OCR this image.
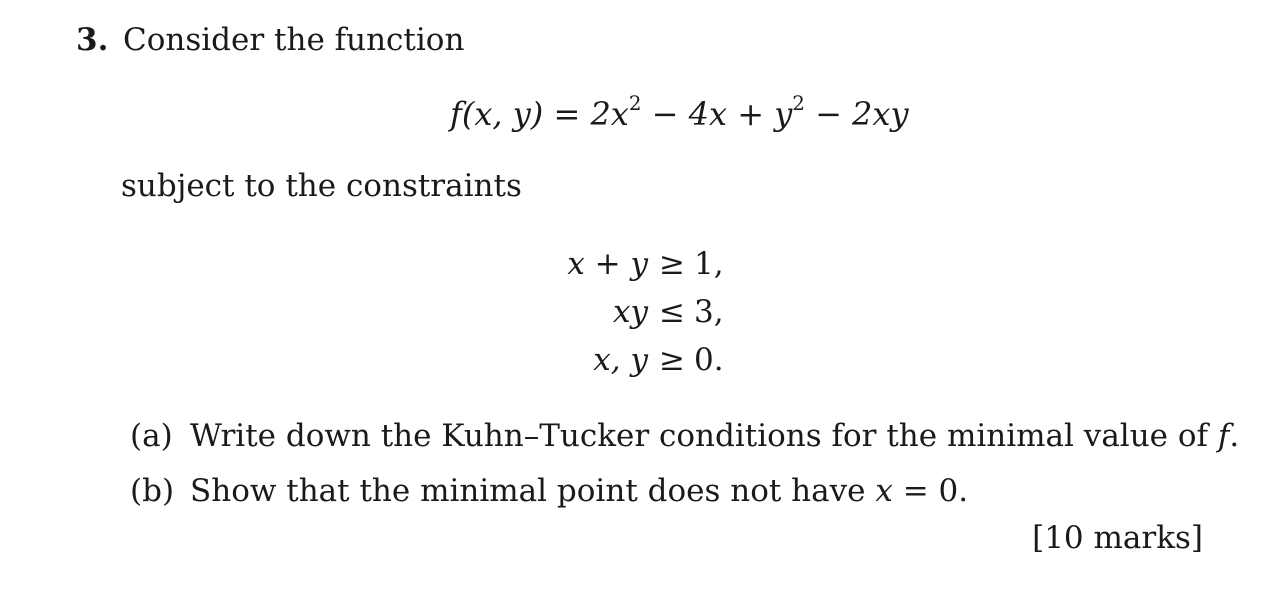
3. Consider the function
f(x, $y) = 2x^2 - 4x + y^2 - 2xy$
subject to the constraints
x + y ≥ 1,
xy ≤ 3,
x, y ≥ 0.
(a) Write down the Kuhn–Tucker conditions for the minimal value of f.
(b) Show that the minimal point does not have x = 0.
[10 marks]
